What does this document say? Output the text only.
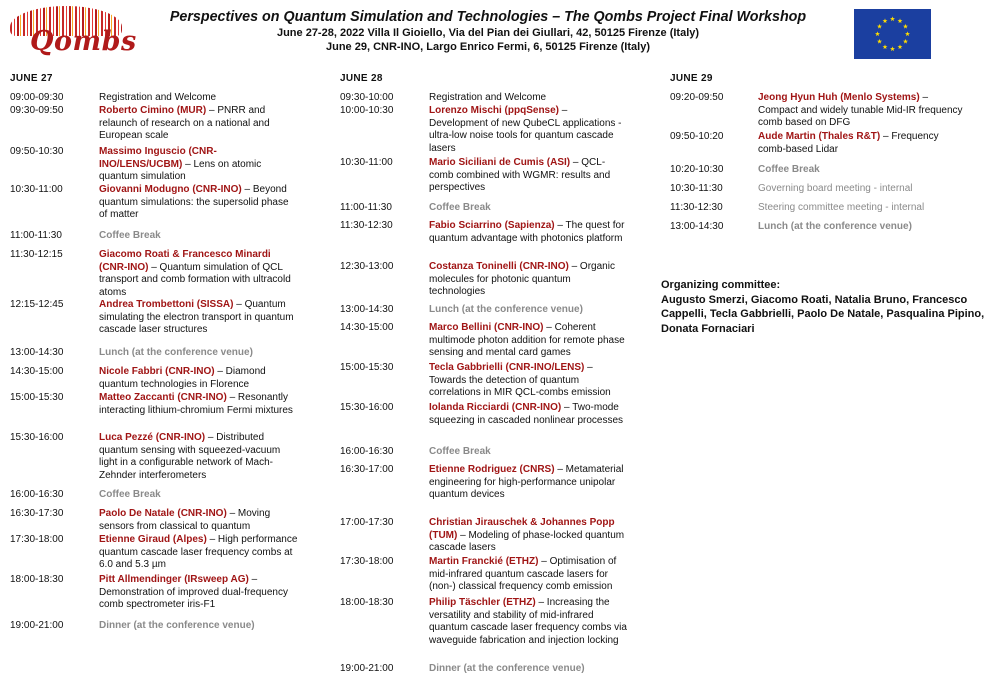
Qombs
Perspectives on Quantum Simulation and Technologies – The Qombs Project Final Workshop
June 27-28, 2022 Villa Il Gioiello, Via del Pian dei Giullari, 42, 50125 Firenze (Italy)
June 29, CNR-INO, Largo Enrico Fermi, 6, 50125 Firenze (Italy)
JUNE 27
09:00-09:30	Registration and Welcome
09:30-09:50	Roberto Cimino (MUR) – PNRR and relaunch of research on a national and European scale
09:50-10:30	Massimo Inguscio (CNR-INO/LENS/UCBM) – Lens on atomic quantum simulation
10:30-11:00	Giovanni Modugno (CNR-INO) – Beyond quantum simulations: the supersolid phase of matter
11:00-11:30	Coffee Break
11:30-12:15	Giacomo Roati & Francesco Minardi (CNR-INO) – Quantum simulation of QCL transport and comb formation with ultracold atoms
12:15-12:45	Andrea Trombettoni (SISSA) – Quantum simulating the electron transport in quantum cascade laser structures
13:00-14:30	Lunch (at the conference venue)
14:30-15:00	Nicole Fabbri (CNR-INO) – Diamond quantum technologies in Florence
15:00-15:30	Matteo Zaccanti (CNR-INO) – Resonantly interacting lithium-chromium Fermi mixtures
15:30-16:00	Luca Pezzé (CNR-INO) – Distributed quantum sensing with squeezed-vacuum light in a configurable network of Mach-Zehnder interferometers
16:00-16:30	Coffee Break
16:30-17:30	Paolo De Natale (CNR-INO) – Moving sensors from classical to quantum
17:30-18:00	Etienne Giraud (Alpes) – High performance quantum cascade laser frequency combs at 6.0 and 5.3 µm
18:00-18:30	Pitt Allmendinger (IRsweep AG) – Demonstration of improved dual-frequency comb spectrometer iris-F1
19:00-21:00	Dinner (at the conference venue)
JUNE 28
09:30-10:00	Registration and Welcome
10:00-10:30	Lorenzo Mischi (ppqSense) – Development of new QubeCL applications - ultra-low noise tools for quantum cascade lasers
10:30-11:00	Mario Siciliani de Cumis (ASI) – QCL-comb combined with WGMR: results and perspectives
11:00-11:30	Coffee Break
11:30-12:30	Fabio Sciarrino (Sapienza) – The quest for quantum advantage with photonics platform
12:30-13:00	Costanza Toninelli (CNR-INO) – Organic molecules for photonic quantum technologies
13:00-14:30	Lunch (at the conference venue)
14:30-15:00	Marco Bellini (CNR-INO) – Coherent multimode photon addition for remote phase sensing and mental card games
15:00-15:30	Tecla Gabbrielli (CNR-INO/LENS) – Towards the detection of quantum correlations in MIR QCL-combs emission
15:30-16:00	Iolanda Ricciardi (CNR-INO) – Two-mode squeezing in cascaded nonlinear processes
16:00-16:30	Coffee Break
16:30-17:00	Etienne Rodriguez (CNRS) – Metamaterial engineering for high-performance unipolar quantum devices
17:00-17:30	Christian Jirauschek & Johannes Popp (TUM) – Modeling of phase-locked quantum cascade lasers
17:30-18:00	Martin Franckié (ETHZ) – Optimisation of mid-infrared quantum cascade lasers for (non-) classical frequency comb emission
18:00-18:30	Philip Täschler (ETHZ) – Increasing the versatility and stability of mid-infrared quantum cascade laser frequency combs via waveguide fabrication and injection locking
19:00-21:00	Dinner (at the conference venue)
JUNE 29
09:20-09:50	Jeong Hyun Huh (Menlo Systems) – Compact and widely tunable Mid-IR frequency comb based on DFG
09:50-10:20	Aude Martin (Thales R&T) – Frequency comb-based Lidar
10:20-10:30	Coffee Break
10:30-11:30	Governing board meeting - internal
11:30-12:30	Steering committee meeting - internal
13:00-14:30	Lunch (at the conference venue)
Organizing committee:
Augusto Smerzi, Giacomo Roati, Natalia Bruno, Francesco Cappelli, Tecla Gabbrielli, Paolo De Natale, Pasqualina Pipino, Donata Fornaciari
